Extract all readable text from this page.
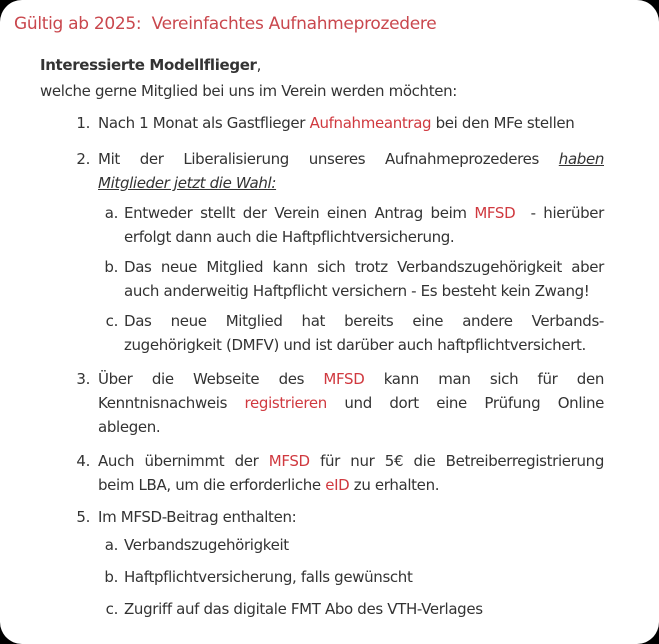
Gültig ab 2025:  Vereinfachtes Aufnahmeprozedere
Interessierte Modellflieger,
welche gerne Mitglied bei uns im Verein werden möchten:
1. Nach 1 Monat als Gastflieger Aufnahmeantrag bei den MFe stellen
2. Mit der Liberalisierung unseres Aufnahmeprozederes haben
Mitglieder jetzt die Wahl:
a. Entweder stellt der Verein einen Antrag beim MFSD  - hierüber
erfolgt dann auch die Haftpflichtversicherung.
b. Das neue Mitglied kann sich trotz Verbandszugehörigkeit aber
auch anderweitig Haftpflicht versichern - Es besteht kein Zwang!
c. Das neue Mitglied hat bereits eine andere Verbands-
zugehörigkeit (DMFV) und ist darüber auch haftpflichtversichert.
3. Über die Webseite des MFSD kann man sich für den
Kenntnisnachweis registrieren und dort eine Prüfung Online
ablegen.
4. Auch übernimmt der MFSD für nur 5€ die Betreiberregistrierung
beim LBA, um die erforderliche eID zu erhalten.
5. Im MFSD-Beitrag enthalten:
a. Verbandszugehörigkeit
b. Haftpflichtversicherung, falls gewünscht
c. Zugriff auf das digitale FMT Abo des VTH-Verlages
